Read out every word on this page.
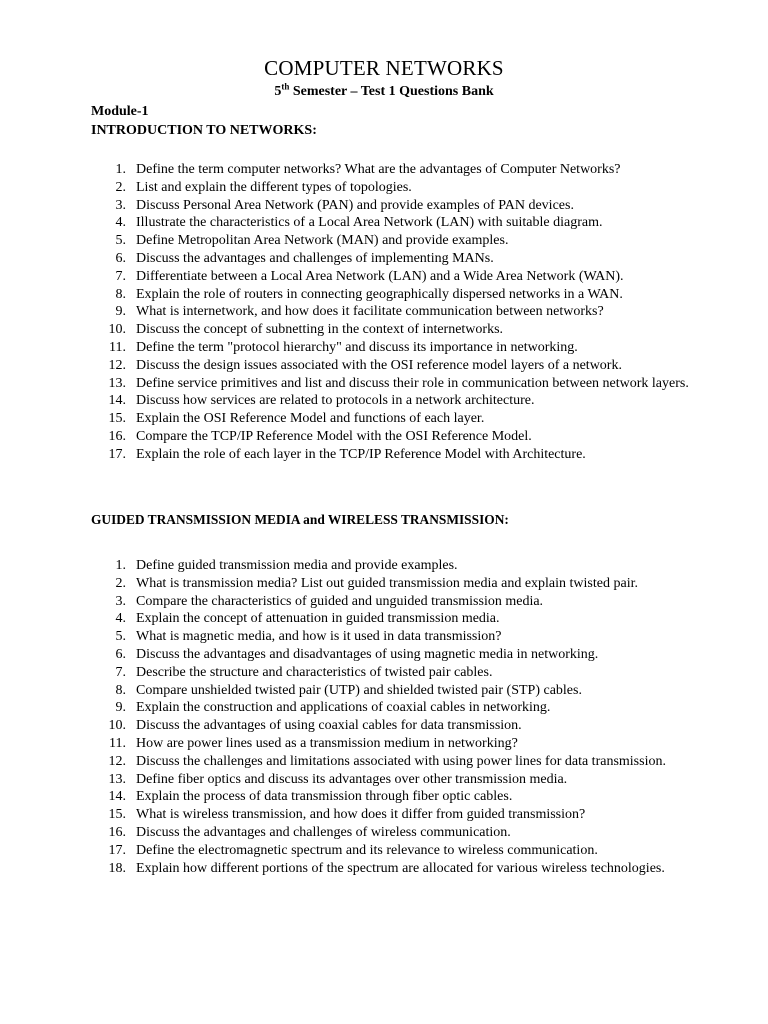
COMPUTER NETWORKS
5th Semester – Test 1 Questions Bank
Module-1
INTRODUCTION TO NETWORKS:
1. Define the term computer networks? What are the advantages of Computer Networks?
2. List and explain the different types of topologies.
3. Discuss Personal Area Network (PAN) and provide examples of PAN devices.
4. Illustrate the characteristics of a Local Area Network (LAN) with suitable diagram.
5. Define Metropolitan Area Network (MAN) and provide examples.
6. Discuss the advantages and challenges of implementing MANs.
7. Differentiate between a Local Area Network (LAN) and a Wide Area Network (WAN).
8. Explain the role of routers in connecting geographically dispersed networks in a WAN.
9. What is internetwork, and how does it facilitate communication between networks?
10. Discuss the concept of subnetting in the context of internetworks.
11. Define the term "protocol hierarchy" and discuss its importance in networking.
12. Discuss the design issues associated with the OSI reference model layers of a network.
13. Define service primitives and list and discuss their role in communication between network layers.
14. Discuss how services are related to protocols in a network architecture.
15. Explain the OSI Reference Model and functions of each layer.
16. Compare the TCP/IP Reference Model with the OSI Reference Model.
17. Explain the role of each layer in the TCP/IP Reference Model with Architecture.
GUIDED TRANSMISSION MEDIA and WIRELESS TRANSMISSION:
1. Define guided transmission media and provide examples.
2. What is transmission media? List out guided transmission media and explain twisted pair.
3. Compare the characteristics of guided and unguided transmission media.
4. Explain the concept of attenuation in guided transmission media.
5. What is magnetic media, and how is it used in data transmission?
6. Discuss the advantages and disadvantages of using magnetic media in networking.
7. Describe the structure and characteristics of twisted pair cables.
8. Compare unshielded twisted pair (UTP) and shielded twisted pair (STP) cables.
9. Explain the construction and applications of coaxial cables in networking.
10. Discuss the advantages of using coaxial cables for data transmission.
11. How are power lines used as a transmission medium in networking?
12. Discuss the challenges and limitations associated with using power lines for data transmission.
13. Define fiber optics and discuss its advantages over other transmission media.
14. Explain the process of data transmission through fiber optic cables.
15. What is wireless transmission, and how does it differ from guided transmission?
16. Discuss the advantages and challenges of wireless communication.
17. Define the electromagnetic spectrum and its relevance to wireless communication.
18. Explain how different portions of the spectrum are allocated for various wireless technologies.
